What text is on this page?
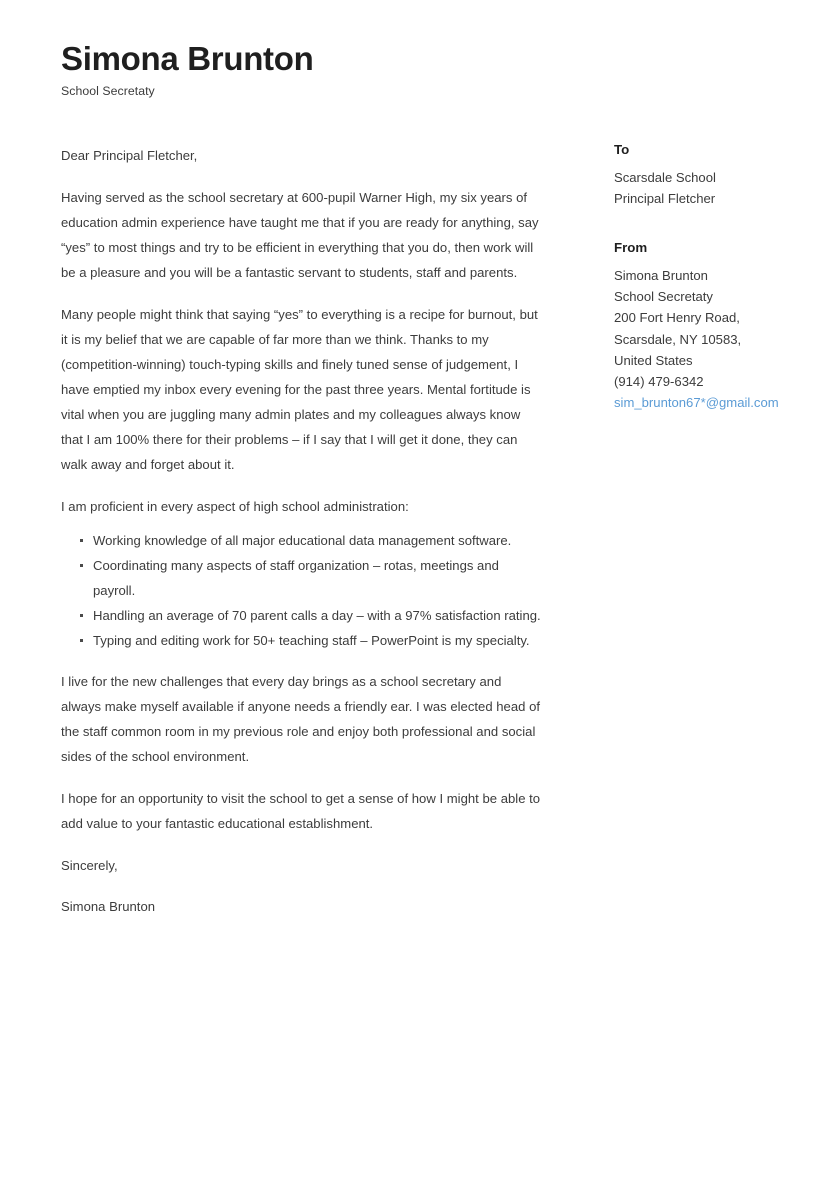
Simona Brunton
School Secretaty

Dear Principal Fletcher,

Having served as the school secretary at 600-pupil Warner High, my six years of education admin experience have taught me that if you are ready for anything, say “yes” to most things and try to be efficient in everything that you do, then work will be a pleasure and you will be a fantastic servant to students, staff and parents.

Many people might think that saying “yes” to everything is a recipe for burnout, but it is my belief that we are capable of far more than we think. Thanks to my (competition-winning) touch-typing skills and finely tuned sense of judgement, I have emptied my inbox every evening for the past three years. Mental fortitude is vital when you are juggling many admin plates and my colleagues always know that I am 100% there for their problems – if I say that I will get it done, they can walk away and forget about it.

I am proficient in every aspect of high school administration:

Working knowledge of all major educational data management software.
Coordinating many aspects of staff organization – rotas, meetings and payroll.
Handling an average of 70 parent calls a day – with a 97% satisfaction rating.
Typing and editing work for 50+ teaching staff – PowerPoint is my specialty.

I live for the new challenges that every day brings as a school secretary and always make myself available if anyone needs a friendly ear. I was elected head of the staff common room in my previous role and enjoy both professional and social sides of the school environment.

I hope for an opportunity to visit the school to get a sense of how I might be able to add value to your fantastic educational establishment.

Sincerely,

Simona Brunton

To
Scarsdale School
Principal Fletcher
From
Simona Brunton
School Secretaty
200 Fort Henry Road,
Scarsdale, NY 10583,
United States
(914) 479-6342
sim_brunton67*@gmail.com
